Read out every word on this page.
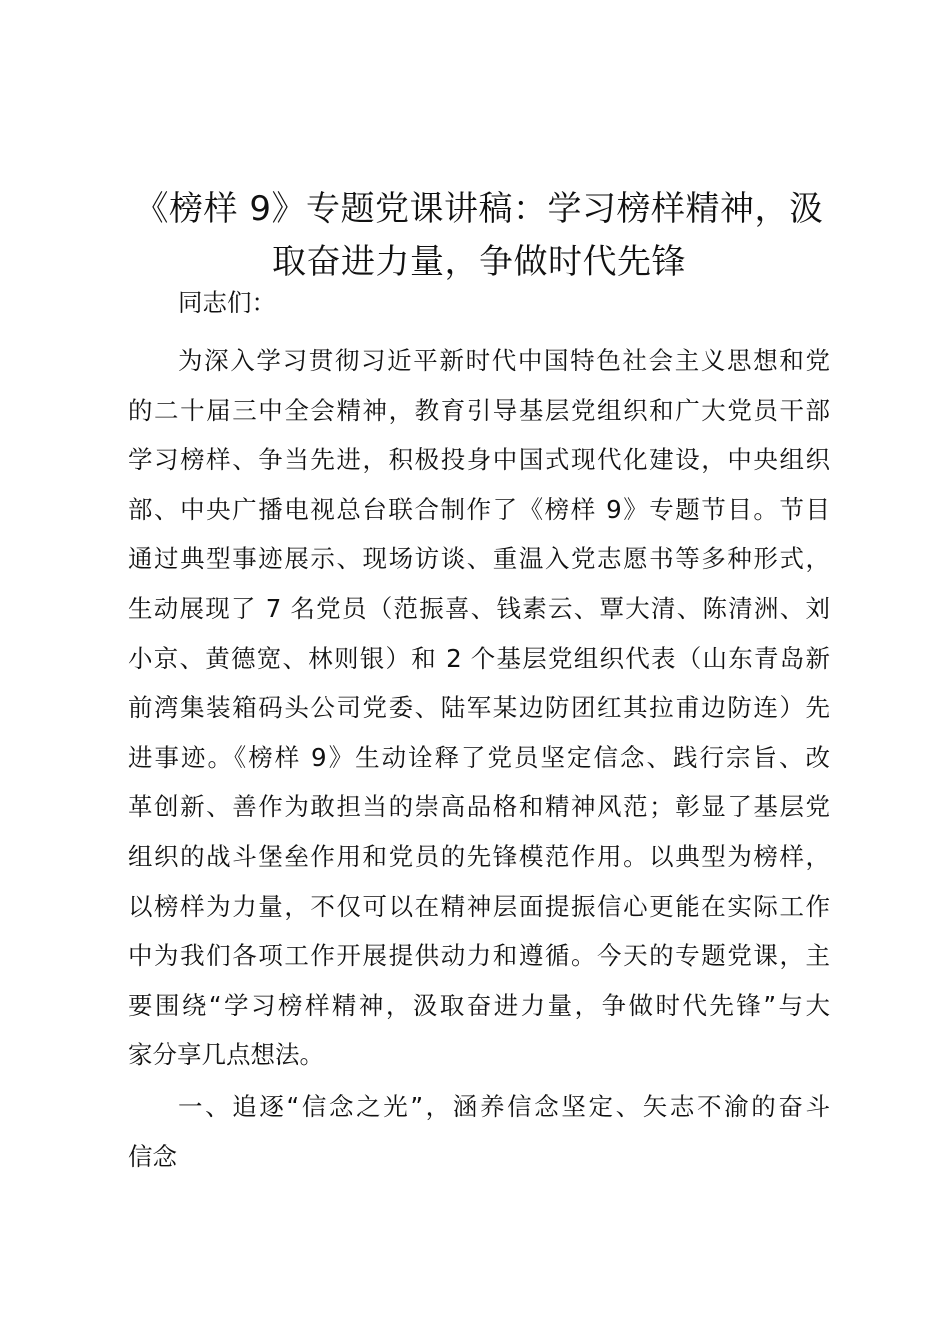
《榜样 9》专题党课讲稿：学习榜样精神，汲
取奋进力量，争做时代先锋
同志们：
为深入学习贯彻习近平新时代中国特色社会主义思想和党
的二十届三中全会精神，教育引导基层党组织和广大党员干部
学习榜样、争当先进，积极投身中国式现代化建设，中央组织
部、中央广播电视总台联合制作了《榜样 9》专题节目。节目
通过典型事迹展示、现场访谈、重温入党志愿书等多种形式，
生动展现了 7 名党员（范振喜、钱素云、覃大清、陈清洲、刘
小京、黄德宽、林则银）和 2 个基层党组织代表（山东青岛新
前湾集装箱码头公司党委、陆军某边防团红其拉甫边防连）先
进事迹。《榜样 9》生动诠释了党员坚定信念、践行宗旨、改
革创新、善作为敢担当的崇高品格和精神风范；彰显了基层党
组织的战斗堡垒作用和党员的先锋模范作用。以典型为榜样，
以榜样为力量，不仅可以在精神层面提振信心更能在实际工作
中为我们各项工作开展提供动力和遵循。今天的专题党课，主
要围绕“学习榜样精神，汲取奋进力量，争做时代先锋”与大
家分享几点想法。
一、追逐“信念之光”，涵养信念坚定、矢志不渝的奋斗
信念
